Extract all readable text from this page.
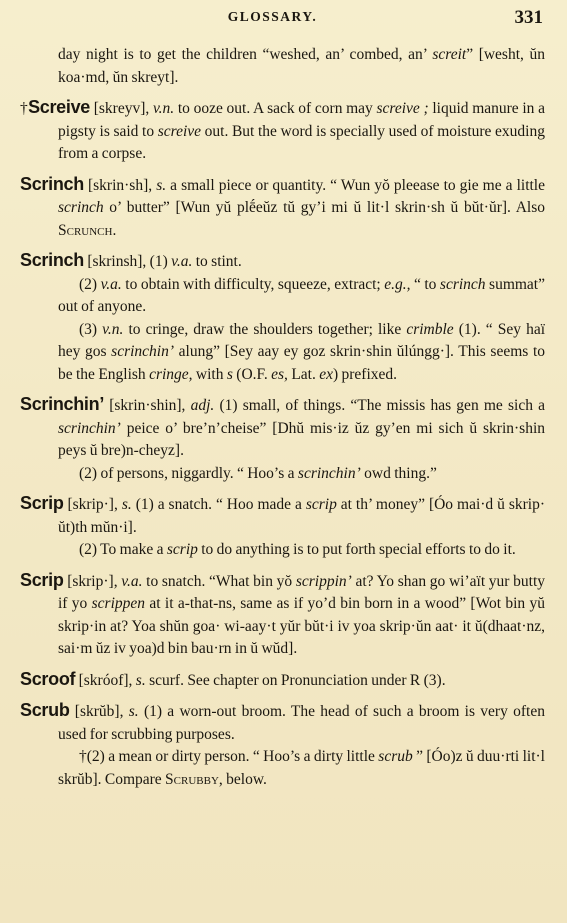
GLOSSARY.	331

day night is to get the children “weshed, an’ combed, an’ screit” [wesht, ŭn koa·md, ŭn skreyt].

†Screive [skreyv], v.n. to ooze out. A sack of corn may screive ; liquid manure in a pigsty is said to screive out. But the word is specially used of moisture exuding from a corpse.

Scrinch [skrin·sh], s. a small piece or quantity. “ Wun yŏ pleease to gie me a little scrinch o’ butter” [Wun yŭ plḗeŭz tŭ gy’i mi ŭ lit·l skrin·sh ŭ bŭt·ŭr]. Also Scrunch.

Scrinch [skrinsh], (1) v.a. to stint.

(2) v.a. to obtain with difficulty, squeeze, extract; e.g., “ to scrinch summat” out of anyone.

(3) v.n. to cringe, draw the shoulders together; like crimble (1). “ Sey haï hey gos scrinchin’ alung” [Sey aay ey goz skrin·shin ŭlúngg·]. This seems to be the English cringe, with s (O.F. es, Lat. ex) prefixed.

Scrinchin’ [skrin·shin], adj. (1) small, of things. “The missis has gen me sich a scrinchin’ peice o’ bre’n’cheise” [Dhŭ mis·iz ŭz gy’en mi sich ŭ skrin·shin peys ŭ bre)n-cheyz].

(2) of persons, niggardly. “ Hoo’s a scrinchin’ owd thing.”

Scrip [skrip·], s. (1) a snatch. “ Hoo made a scrip at th’ money” [Óo mai·d ŭ skrip· ŭt)th mŭn·i].

(2) To make a scrip to do anything is to put forth special efforts to do it.

Scrip [skrip·], v.a. to snatch. “What bin yŏ scrippin’ at? Yo shan go wi’aït yur butty if yo scrippen at it a-that-ns, same as if yo’d bin born in a wood” [Wot bin yŭ skrip·in at? Yoa shŭn goa· wi-aay·t yŭr bŭt·i iv yoa skrip·ŭn aat· it ŭ(dhaat·nz, sai·m ŭz iv yoa)d bin bau·rn in ŭ wŭd].

Scroof [skróof], s. scurf. See chapter on Pronunciation under R (3).

Scrub [skrŭb], s. (1) a worn-out broom. The head of such a broom is very often used for scrubbing purposes.

†(2) a mean or dirty person. “ Hoo’s a dirty little scrub ” [Óo)z ŭ duu·rti lit·l skrŭb]. Compare Scrubby, below.
